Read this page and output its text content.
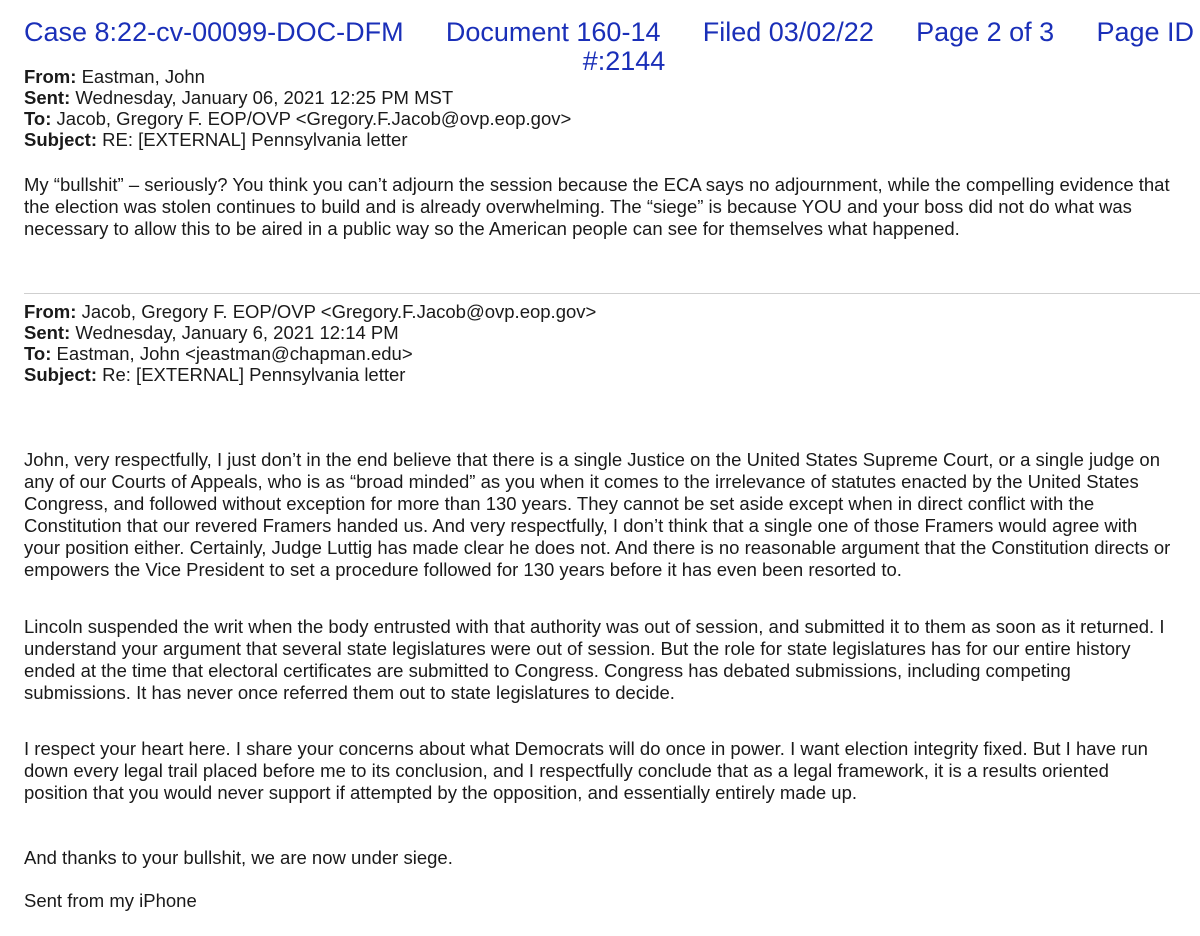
Case 8:22-cv-00099-DOC-DFM Document 160-14 Filed 03/02/22 Page 2 of 3 Page ID
#:2144
From: Eastman, John
Sent: Wednesday, January 06, 2021 12:25 PM MST
To: Jacob, Gregory F. EOP/OVP <Gregory.F.Jacob@ovp.eop.gov>
Subject: RE: [EXTERNAL] Pennsylvania letter

My “bullshit” – seriously? You think you can’t adjourn the session because the ECA says no adjournment, while the compelling evidence that the election was stolen continues to build and is already overwhelming. The “siege” is because YOU and your boss did not do what was necessary to allow this to be aired in a public way so the American people can see for themselves what happened.

From: Jacob, Gregory F. EOP/OVP <Gregory.F.Jacob@ovp.eop.gov>
Sent: Wednesday, January 6, 2021 12:14 PM
To: Eastman, John <jeastman@chapman.edu>
Subject: Re: [EXTERNAL] Pennsylvania letter

John, very respectfully, I just don’t in the end believe that there is a single Justice on the United States Supreme Court, or a single judge on any of our Courts of Appeals, who is as “broad minded” as you when it comes to the irrelevance of statutes enacted by the United States Congress, and followed without exception for more than 130 years. They cannot be set aside except when in direct conflict with the Constitution that our revered Framers handed us. And very respectfully, I don’t think that a single one of those Framers would agree with your position either. Certainly, Judge Luttig has made clear he does not. And there is no reasonable argument that the Constitution directs or empowers the Vice President to set a procedure followed for 130 years before it has even been resorted to.

Lincoln suspended the writ when the body entrusted with that authority was out of session, and submitted it to them as soon as it returned. I understand your argument that several state legislatures were out of session. But the role for state legislatures has for our entire history ended at the time that electoral certificates are submitted to Congress. Congress has debated submissions, including competing submissions. It has never once referred them out to state legislatures to decide.

I respect your heart here. I share your concerns about what Democrats will do once in power. I want election integrity fixed. But I have run down every legal trail placed before me to its conclusion, and I respectfully conclude that as a legal framework, it is a results oriented position that you would never support if attempted by the opposition, and essentially entirely made up.

And thanks to your bullshit, we are now under siege.

Sent from my iPhone
